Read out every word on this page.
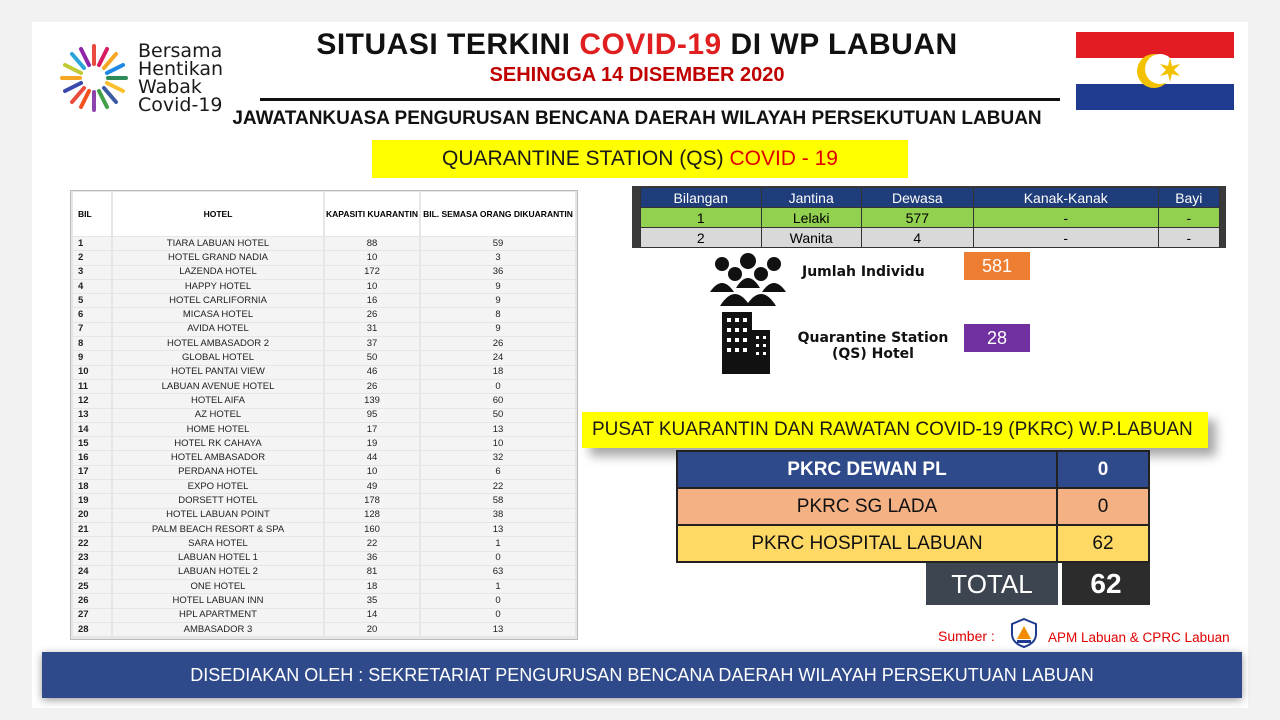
Bersama
Hentikan
Wabak
Covid-19
SITUASI TERKINI COVID-19 DI WP LABUAN
SEHINGGA 14 DISEMBER 2020
JAWATANKUASA PENGURUSAN BENCANA DAERAH WILAYAH PERSEKUTUAN LABUAN
QUARANTINE STATION (QS) COVID - 19
BIL	HOTEL	KAPASITI KUARANTIN	BIL. SEMASA ORANG DIKUARANTIN
1	TIARA LABUAN HOTEL	88	59
2	HOTEL GRAND NADIA	10	3
3	LAZENDA HOTEL	172	36
4	HAPPY HOTEL	10	9
5	HOTEL CARLIFORNIA	16	9
6	MICASA HOTEL	26	8
7	AVIDA HOTEL	31	9
8	HOTEL AMBASADOR 2	37	26
9	GLOBAL HOTEL	50	24
10	HOTEL PANTAI VIEW	46	18
11	LABUAN AVENUE HOTEL	26	0
12	HOTEL AIFA	139	60
13	AZ HOTEL	95	50
14	HOME HOTEL	17	13
15	HOTEL RK CAHAYA	19	10
16	HOTEL AMBASADOR	44	32
17	PERDANA HOTEL	10	6
18	EXPO HOTEL	49	22
19	DORSETT HOTEL	178	58
20	HOTEL LABUAN POINT	128	38
21	PALM BEACH RESORT & SPA	160	13
22	SARA HOTEL	22	1
23	LABUAN HOTEL 1	36	0
24	LABUAN HOTEL 2	81	63
25	ONE HOTEL	18	1
26	HOTEL LABUAN INN	35	0
27	HPL APARTMENT	14	0
28	AMBASADOR 3	20	13
Bilangan	Jantina	Dewasa	Kanak-Kanak	Bayi
1	Lelaki	577	-	-
2	Wanita	4	-	-
Jumlah Individu	581
Quarantine Station
(QS) Hotel
28
PUSAT KUARANTIN DAN RAWATAN COVID-19 (PKRC) W.P.LABUAN
PKRC DEWAN PL	0
PKRC SG LADA	0
PKRC HOSPITAL LABUAN	62
TOTAL	62
Sumber :	APM Labuan & CPRC Labuan
DISEDIAKAN OLEH : SEKRETARIAT PENGURUSAN BENCANA DAERAH WILAYAH PERSEKUTUAN LABUAN
